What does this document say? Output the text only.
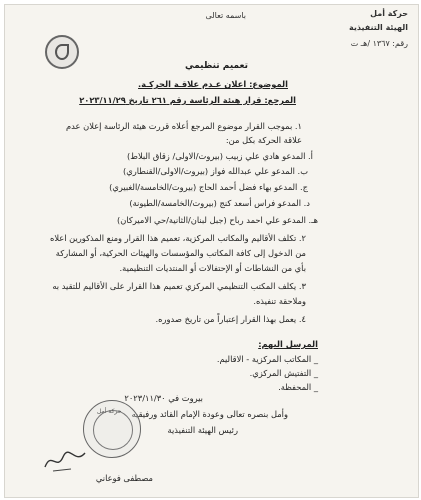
باسمه تعالى	حركة أمل
الهيئة التنفيذية
رقم: ١٣٦٧ /هـ ت
تعميم تنظيمي
الموضوع: اعلان عـدم علاقـة الحركـة.
المرجع: قرار هيئة الرئاسة رقم ٢٦١ تاريخ ٢٠٢٣/١١/٢٩
١. بموجب القرار موضوع المرجع أعلاه قررت هيئة الرئاسة إعلان عدم
علاقة الحركة بكل من:
أ. المدعو هادي علي زبيب (بيروت/الاولى/ زقاق البلاط)
ب. المدعو علي عبدالله فواز (بيروت/الاولى/القنطاري)
ج. المدعو بهاء فضل أحمد الحاج (بيروت/الخامسة/الغبيري)
د. المدعو فراس أسعد كنج (بيروت/الخامسة/الطيونة)
هـ. المدعو علي احمد رباح (جبل لبنان/الثانية/حي الاميركان)
٢. تكلف الأقاليم والمكاتب المركزية، تعميم هذا القرار ومنع المذكورين اعلاه
من الدخول إلى كافة المكاتب والمؤسسات والهيئات الحركية، أو المشاركة
بأي من النشاطات أو الإحتفالات أو المنتديات التنظيمية.
٣. يكلف المكتب التنظيمي المركزي تعميم هذا القرار على الأقاليم للتقيد به
وملاحقة تنفيذه.
٤. يعمل بهذا القرار إعتباراً من تاريخ صدوره.
المرسل اليهم:
_ المكاتب المركزية - الاقاليم.
_ التفتيش المركزي.
_ المحفظة.
بيروت في ٢٠٢٣/١١/٣٠
وأمل بنصره تعالى وعودة الإمام القائد ورفيقيه
رئيس الهيئة التنفيذية
حركة أمل
مصطفى فوعاني
